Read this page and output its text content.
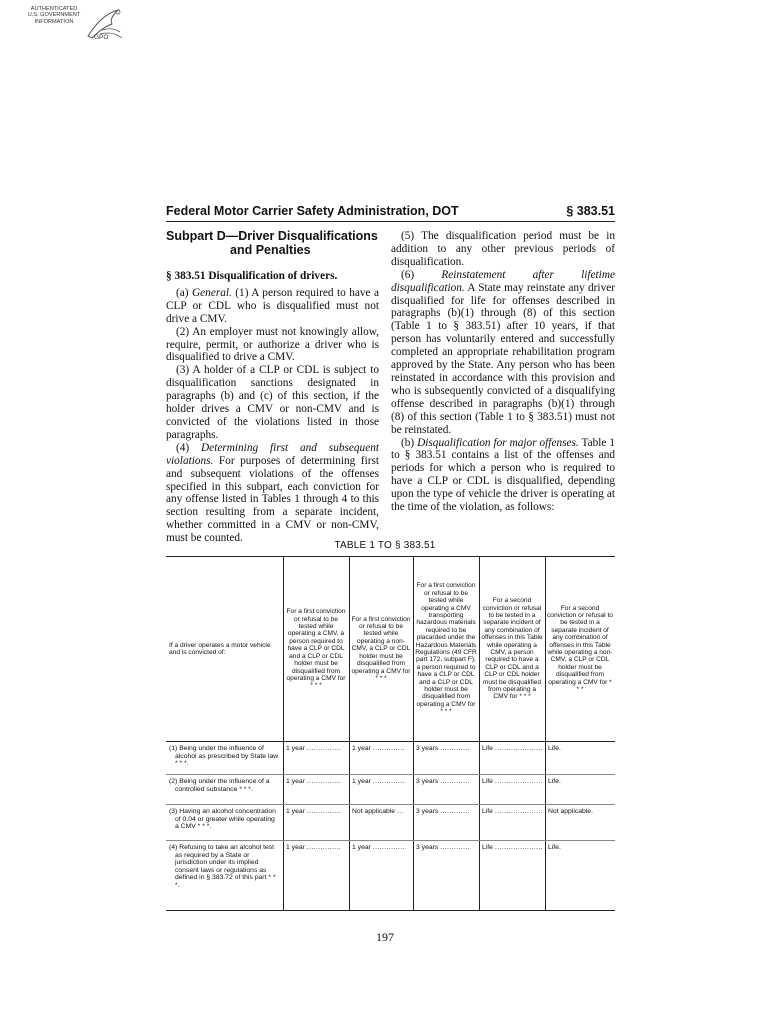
AUTHENTICATED
U.S. GOVERNMENT
INFORMATION
GPO
Federal Motor Carrier Safety Administration, DOT	§ 383.51
Subpart D—Driver Disqualifications
and Penalties

§ 383.51 Disqualification of drivers.

(a) General. (1) A person required to have a CLP or CDL who is disqualified must not drive a CMV.

(2) An employer must not knowingly allow, require, permit, or authorize a driver who is disqualified to drive a CMV.

(3) A holder of a CLP or CDL is subject to disqualification sanctions designated in paragraphs (b) and (c) of this section, if the holder drives a CMV or non-CMV and is convicted of the violations listed in those paragraphs.

(4) Determining first and subsequent violations. For purposes of determining first and subsequent violations of the offenses specified in this subpart, each conviction for any offense listed in Tables 1 through 4 to this section resulting from a separate incident, whether committed in a CMV or non-CMV, must be counted.

(5) The disqualification period must be in addition to any other previous periods of disqualification.

(6) Reinstatement after lifetime disqualification. A State may reinstate any driver disqualified for life for offenses described in paragraphs (b)(1) through (8) of this section (Table 1 to § 383.51) after 10 years, if that person has voluntarily entered and successfully completed an appropriate rehabilitation program approved by the State. Any person who has been reinstated in accordance with this provision and who is subsequently convicted of a disqualifying offense described in paragraphs (b)(1) through (8) of this section (Table 1 to § 383.51) must not be reinstated.

(b) Disqualification for major offenses. Table 1 to § 383.51 contains a list of the offenses and periods for which a person who is required to have a CLP or CDL is disqualified, depending upon the type of vehicle the driver is operating at the time of the violation, as follows:

TABLE 1 TO § 383.51
If a driver operates a motor vehicle and is convicted of:
For a first conviction or refusal to be tested while operating a CMV, a person required to have a CLP or CDL and a CLP or CDL holder must be disqualified from operating a CMV for * * *
For a first conviction or refusal to be tested while operating a non-CMV, a CLP or CDL holder must be disqualified from operating a CMV for * * *
For a first conviction or refusal to be tested while operating a CMV transporting hazardous materials required to be placarded under the Hazardous Materials Regulations (49 CFR part 172, subpart F), a person required to have a CLP or CDL and a CLP or CDL holder must be disqualified from operating a CMV for * * *
For a second conviction or refusal to be tested in a separate incident of any combination of offenses in this Table while operating a CMV, a person required to have a CLP or CDL and a CLP or CDL holder must be disqualified from operating a CMV for * * *
For a second conviction or refusal to be tested in a separate incident of any combination of offenses in this Table while operating a non-CMV, a CLP or CDL holder must be disqualified from operating a CMV for * * *
(1) Being under the influence of alcohol as prescribed by State law * * *.
1 year ...............	1 year ..............	3 years .............	Life ..................... Life.
(2) Being under the influence of a controlled substance * * *.
1 year ...............	1 year ..............	3 years .............	Life ..................... Life.
(3) Having an alcohol concentration of 0.04 or greater while operating a CMV * * *.
1 year ...............	Not applicable ...	3 years .............	Life ..................... Not applicable.
(4) Refusing to take an alcohol test as required by a State or jurisdiction under its implied consent laws or regulations as defined in § 383.72 of this part * * *.
1 year ...............	1 year ..............	3 years .............	Life ..................... Life.
197
